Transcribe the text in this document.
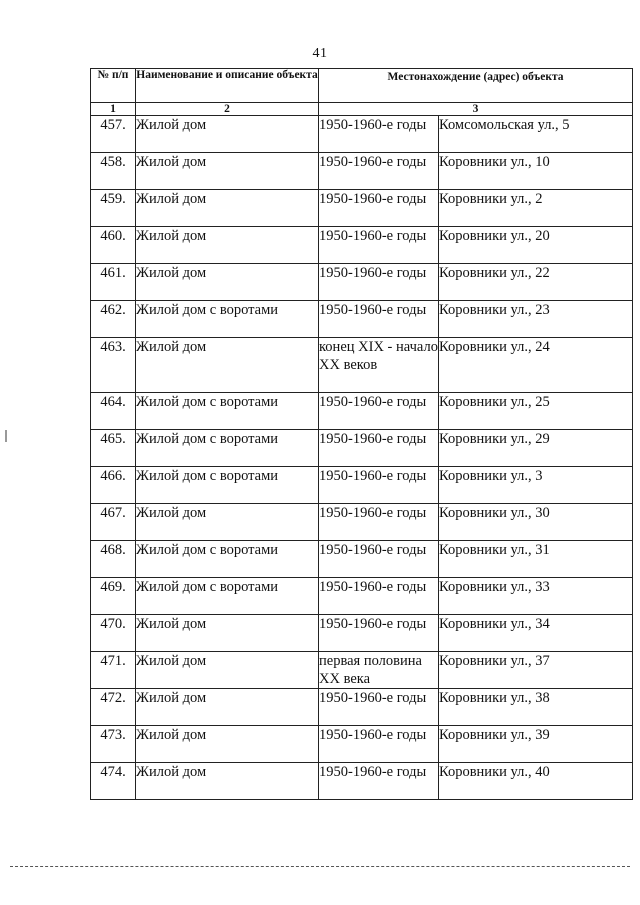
41
№ п/п	Наименование и описание объекта	Местонахождение (адрес) объекта	
1	2	3	
457.	Жилой дом	1950-1960-е годы	Комсомольская ул., 5
458.	Жилой дом	1950-1960-е годы	Коровники ул., 10
459.	Жилой дом	1950-1960-е годы	Коровники ул., 2
460.	Жилой дом	1950-1960-е годы	Коровники ул., 20
461.	Жилой дом	1950-1960-е годы	Коровники ул., 22
462.	Жилой дом с воротами	1950-1960-е годы	Коровники ул., 23
463.	Жилой дом	конец XIX - начало XX веков	Коровники ул., 24
464.	Жилой дом с воротами	1950-1960-е годы	Коровники ул., 25
465.	Жилой дом с воротами	1950-1960-е годы	Коровники ул., 29
466.	Жилой дом с воротами	1950-1960-е годы	Коровники ул., 3
467.	Жилой дом	1950-1960-е годы	Коровники ул., 30
468.	Жилой дом с воротами	1950-1960-е годы	Коровники ул., 31
469.	Жилой дом с воротами	1950-1960-е годы	Коровники ул., 33
470.	Жилой дом	1950-1960-е годы	Коровники ул., 34
471.	Жилой дом	первая половина XX века	Коровники ул., 37
472.	Жилой дом	1950-1960-е годы	Коровники ул., 38
473.	Жилой дом	1950-1960-е годы	Коровники ул., 39
474.	Жилой дом	1950-1960-е годы	Коровники ул., 40
